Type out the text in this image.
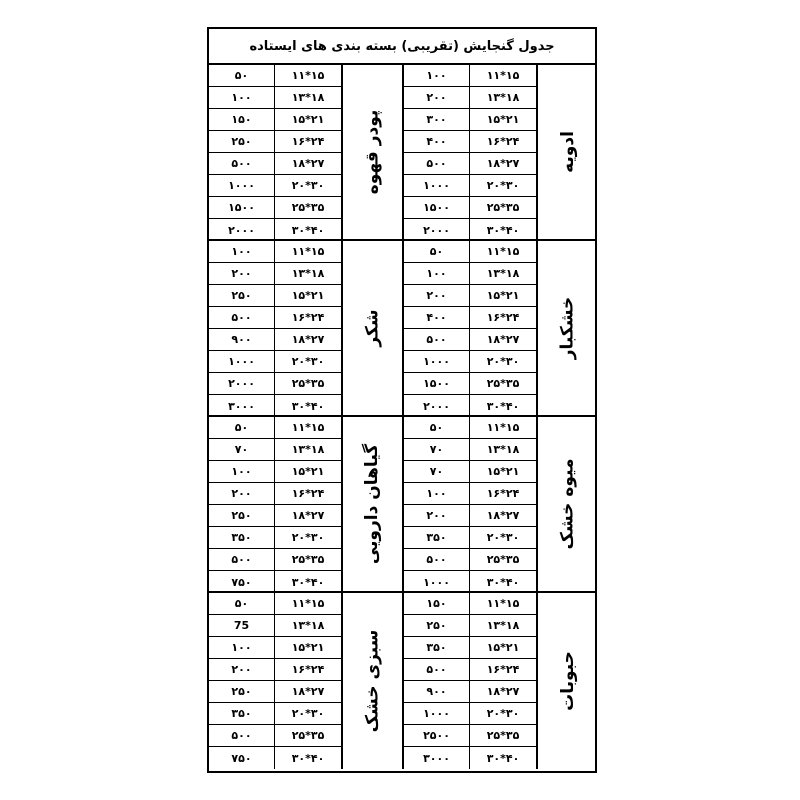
جدول گنجایش (تقریبی) بسته بندی های ایستاده
۵۰	۱۱*۱۵
۱۰۰	۱۳*۱۸
۱۵۰	۱۵*۲۱
۲۵۰	۱۶*۲۴
۵۰۰	۱۸*۲۷
۱۰۰۰	۲۰*۳۰
۱۵۰۰	۲۵*۳۵
۲۰۰۰	۳۰*۴۰
پودر قهوه
۱۰۰	۱۱*۱۵
۲۰۰	۱۳*۱۸
۳۰۰	۱۵*۲۱
۴۰۰	۱۶*۲۴
۵۰۰	۱۸*۲۷
۱۰۰۰	۲۰*۳۰
۱۵۰۰	۲۵*۳۵
۲۰۰۰	۳۰*۴۰
ادویه
۱۰۰	۱۱*۱۵
۲۰۰	۱۳*۱۸
۲۵۰	۱۵*۲۱
۵۰۰	۱۶*۲۴
۹۰۰	۱۸*۲۷
۱۰۰۰	۲۰*۳۰
۲۰۰۰	۲۵*۳۵
۳۰۰۰	۳۰*۴۰
شکر
۵۰	۱۱*۱۵
۱۰۰	۱۳*۱۸
۲۰۰	۱۵*۲۱
۴۰۰	۱۶*۲۴
۵۰۰	۱۸*۲۷
۱۰۰۰	۲۰*۳۰
۱۵۰۰	۲۵*۳۵
۲۰۰۰	۳۰*۴۰
خشکبار
۵۰	۱۱*۱۵
۷۰	۱۳*۱۸
۱۰۰	۱۵*۲۱
۲۰۰	۱۶*۲۴
۲۵۰	۱۸*۲۷
۳۵۰	۲۰*۳۰
۵۰۰	۲۵*۳۵
۷۵۰	۳۰*۴۰
گیاهان دارویی
۵۰	۱۱*۱۵
۷۰	۱۳*۱۸
۷۰	۱۵*۲۱
۱۰۰	۱۶*۲۴
۲۰۰	۱۸*۲۷
۳۵۰	۲۰*۳۰
۵۰۰	۲۵*۳۵
۱۰۰۰	۳۰*۴۰
میوه خشک
۵۰	۱۱*۱۵
75	۱۳*۱۸
۱۰۰	۱۵*۲۱
۲۰۰	۱۶*۲۴
۲۵۰	۱۸*۲۷
۳۵۰	۲۰*۳۰
۵۰۰	۲۵*۳۵
۷۵۰	۳۰*۴۰
سبزی خشک
۱۵۰	۱۱*۱۵
۲۵۰	۱۳*۱۸
۳۵۰	۱۵*۲۱
۵۰۰	۱۶*۲۴
۹۰۰	۱۸*۲۷
۱۰۰۰	۲۰*۳۰
۲۵۰۰	۲۵*۳۵
۳۰۰۰	۳۰*۴۰
حبوبات
